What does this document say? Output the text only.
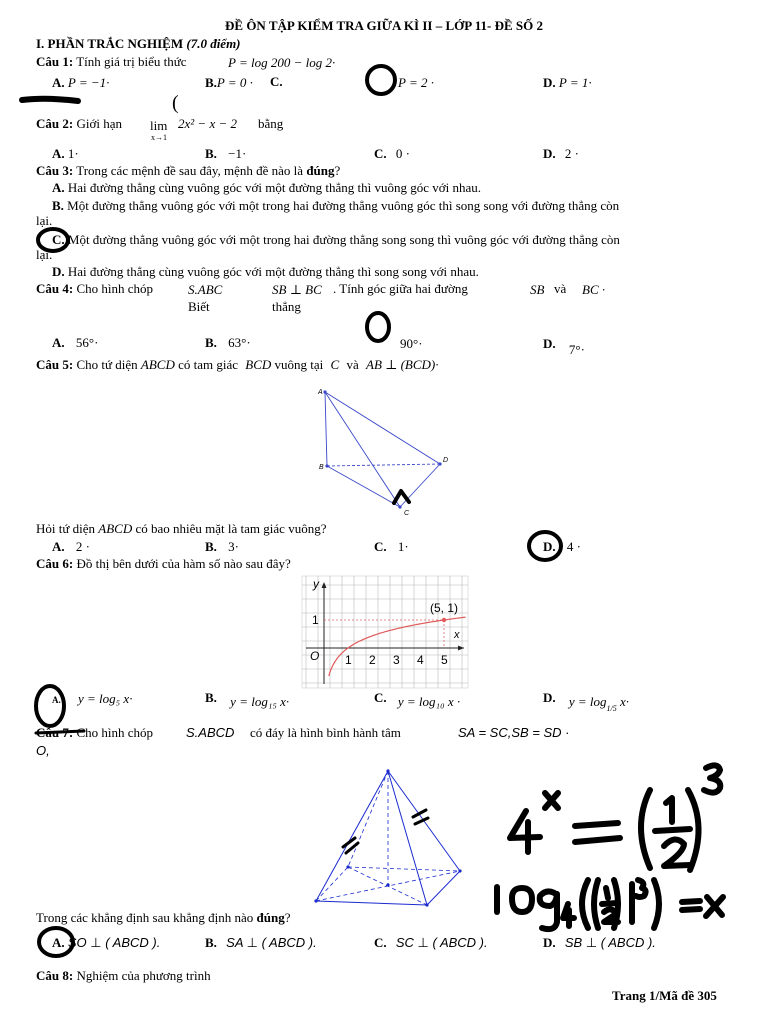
ĐỀ ÔN TẬP KIỂM TRA GIỮA KÌ II – LỚP 11- ĐỀ SỐ 2
I. PHẦN TRẮC NGHIỆM (7.0 điểm)
Câu 1: Tính giá trị biểu thức	P = log 200 − log 2·
A. P = −1·	B.P = 0 · C.	P = 2 ·	D. P = 1·
(
Câu 2: Giới hạn lim
x→1
2x² − x − 2 bằng
A. 1·	B. −1·	C. 0 ·	D. 2 ·
Câu 3: Trong các mệnh đề sau đây, mệnh đề nào là đúng?
A. Hai đường thẳng cùng vuông góc với một đường thẳng thì vuông góc với nhau.
B. Một đường thẳng vuông góc với một trong hai đường thẳng vuông góc thì song song với đường thẳng còn
lại.
C. Một đường thẳng vuông góc với một trong hai đường thẳng song song thì vuông góc với đường thẳng còn
lại.
D. Hai đường thẳng cùng vuông góc với một đường thẳng thì song song với nhau.
Câu 4: Cho hình chóp	S.ABC
Biết
SB ⊥ BC . Tính góc giữa hai đường
thẳng
SB và BC ·
A. 56°·	B. 63°·	90°·	D. 7°·
Câu 5: Cho tứ diện ABCD có tam giác BCD vuông tại C và AB ⊥ (BCD)·
A
B
C
D
Hỏi tứ diện ABCD có bao nhiêu mặt là tam giác vuông?
A. 2 ·	B. 3·	C. 1·	D. 4 ·
Câu 6: Đồ thị bên dưới của hàm số nào sau đây?
y
x
O
1
1 2 3 4 5
(5, 1)
A. y = log₅ x·	B. y = log₁₅ x·	C. y = log₁₀ x ·	D. $y = \log_{1/5} x\cdot$
Câu 7: Cho hình chóp	S.ABCD có đáy là hình bình hành tâm	SA = SC,SB = SD ·
O,
Trong các khẳng định sau khẳng định nào đúng?
A. SO ⊥ ( ABCD ).	B. SA ⊥ ( ABCD ).	C. SC ⊥ ( ABCD ).	D. SB ⊥ ( ABCD ).
Câu 8: Nghiệm của phương trình
Trang 1/Mã đề 305
